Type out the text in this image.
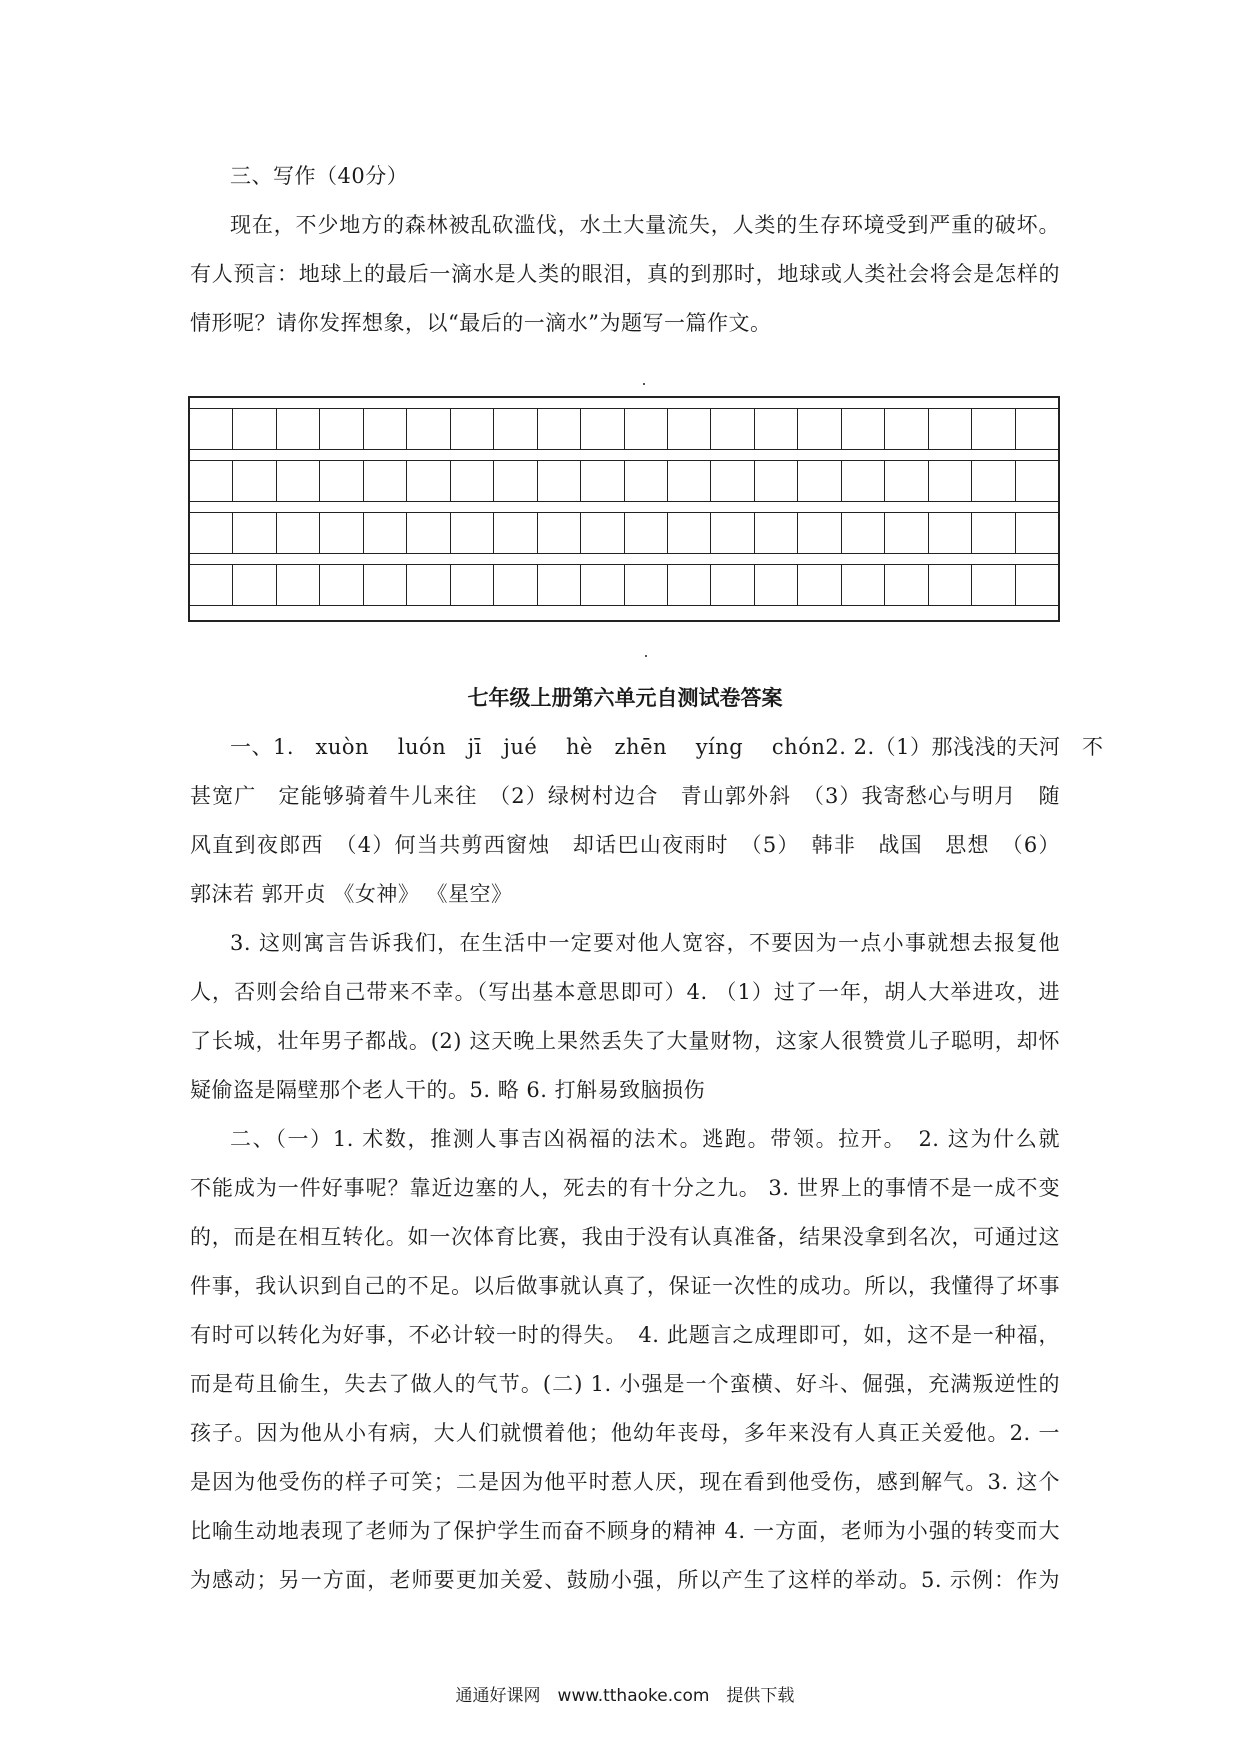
三、写作（40分）

现在，不少地方的森林被乱砍滥伐，水土大量流失，人类的生存环境受到严重的破坏。

有人预言：地球上的最后一滴水是人类的眼泪，真的到那时，地球或人类社会将会是怎样的

情形呢？请你发挥想象，以“最后的一滴水”为题写一篇作文。

七年级上册第六单元自测试卷答案

一、1.　xuòn　 luón　jī　jué　 hè　zhēn　 yíng　 chón2. 2.（1）那浅浅的天河　不

甚宽广　定能够骑着牛儿来往　（2）绿树村边合　青山郭外斜　（3）我寄愁心与明月　随

风直到夜郎西　（4）何当共剪西窗烛　却话巴山夜雨时　（5）　韩非　战国　思想　（6）

郭沫若 郭开贞 《女神》 《星空》

3. 这则寓言告诉我们，在生活中一定要对他人宽容，不要因为一点小事就想去报复他

人，否则会给自己带来不幸。（写出基本意思即可）4. （1）过了一年，胡人大举进攻，进

了长城，壮年男子都战。(2) 这天晚上果然丢失了大量财物，这家人很赞赏儿子聪明，却怀

疑偷盗是隔壁那个老人干的。5. 略 6. 打斛易致脑损伤

二、（一）1. 术数，推测人事吉凶祸福的法术。逃跑。带领。拉开。　2. 这为什么就

不能成为一件好事呢？靠近边塞的人，死去的有十分之九。 3. 世界上的事情不是一成不变

的，而是在相互转化。如一次体育比赛，我由于没有认真准备，结果没拿到名次，可通过这

件事，我认识到自己的不足。以后做事就认真了，保证一次性的成功。所以，我懂得了坏事

有时可以转化为好事，不必计较一时的得失。　4. 此题言之成理即可，如，这不是一种福，

而是苟且偷生，失去了做人的气节。(二) 1. 小强是一个蛮横、好斗、倔强，充满叛逆性的

孩子。因为他从小有病，大人们就惯着他；他幼年丧母，多年来没有人真正关爱他。2. 一

是因为他受伤的样子可笑；二是因为他平时惹人厌，现在看到他受伤，感到解气。3. 这个

比喻生动地表现了老师为了保护学生而奋不顾身的精神 4. 一方面，老师为小强的转变而大

为感动；另一方面，老师要更加关爱、鼓励小强，所以产生了这样的举动。5. 示例：作为

通通好课网　www.tthaoke.com　提供下载
